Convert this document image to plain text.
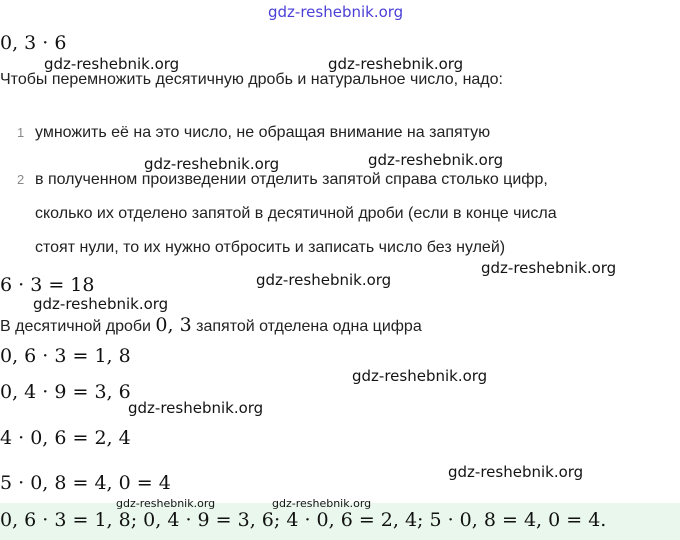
gdz-reshebnik.org
0, 3 · 6
gdz-reshebnik.org	gdz-reshebnik.org
Чтобы перемножить десятичную дробь и натуральное число, надо:
1 умножить её на это число, не обращая внимание на запятую
gdz-reshebnik.org	gdz-reshebnik.org
2 в полученном произведении отделить запятой справа столько цифр,
сколько их отделено запятой в десятичной дроби (если в конце числа
стоят нули, то их нужно отбросить и записать число без нулей)
gdz-reshebnik.org
6 · 3 = 18	gdz-reshebnik.org
gdz-reshebnik.org
В десятичной дроби 0, 3 запятой отделена одна цифра
0, 6 · 3 = 1, 8
gdz-reshebnik.org
0, 4 · 9 = 3, 6
gdz-reshebnik.org
4 · 0, 6 = 2, 4
gdz-reshebnik.org
5 · 0, 8 = 4, 0 = 4
gdz-reshebnik.org	gdz-reshebnik.org
0, 6 · 3 = 1, 8; 0, 4 · 9 = 3, 6; 4 · 0, 6 = 2, 4; 5 · 0, 8 = 4, 0 = 4.
